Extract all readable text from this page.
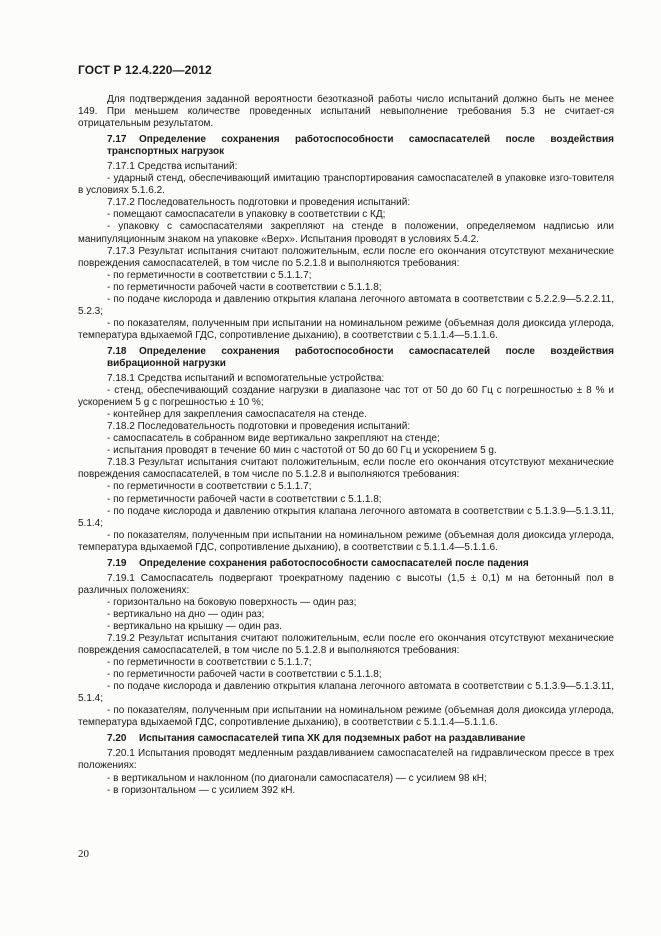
ГОСТ Р 12.4.220—2012

Для подтверждения заданной вероятности безотказной работы число испытаний должно быть не менее 149. При меньшем количестве проведенных испытаний невыполнение требования 5.3 не считает-ся отрицательным результатом.

7.17 Определение сохранения работоспособности самоспасателей после воздействия транспортных нагрузок

7.17.1 Средства испытаний:

- ударный стенд, обеспечивающий имитацию транспортирования самоспасателей в упаковке изго-товителя в условиях 5.1.6.2.

7.17.2 Последовательность подготовки и проведения испытаний:

- помещают самоспасатели в упаковку в соответствии с КД;

- упаковку с самоспасателями закрепляют на стенде в положении, определяемом надписью или манипуляционным знаком на упаковке «Верх». Испытания проводят в условиях 5.4.2.

7.17.3 Результат испытания считают положительным, если после его окончания отсутствуют механические повреждения самоспасателей, в том числе по 5.2.1.8 и выполняются требования:

- по герметичности в соответствии с 5.1.1.7;

- по герметичности рабочей части в соответствии с 5.1.1.8;

- по подаче кислорода и давлению открытия клапана легочного автомата в соответствии с 5.2.2.9—5.2.2.11, 5.2.3;

- по показателям, полученным при испытании на номинальном режиме (объемная доля диоксида углерода, температура вдыхаемой ГДС, сопротивление дыханию), в соответствии с 5.1.1.4—5.1.1.6.

7.18 Определение сохранения работоспособности самоспасателей после воздействия вибрационной нагрузки

7.18.1 Средства испытаний и вспомогательные устройства:

- стенд, обеспечивающий создание нагрузки в диапазоне час тот от 50 до 60 Гц с погрешностью ± 8 % и ускорением 5 g с погрешностью ± 10 %;

- контейнер для закрепления самоспасателя на стенде.

7.18.2 Последовательность подготовки и проведения испытаний:

- самоспасатель в собранном виде вертикально закрепляют на стенде;

- испытания проводят в течение 60 мин с частотой от 50 до 60 Гц и ускорением 5 g.

7.18.3 Результат испытания считают положительным, если после его окончания отсутствуют механические повреждения самоспасателей, в том числе по 5.1.2.8 и выполняются требования:

- по герметичности в соответствии с 5.1.1.7;

- по герметичности рабочей части в соответствии с 5.1.1.8;

- по подаче кислорода и давлению открытия клапана легочного автомата в соответствии с 5.1.3.9—5.1.3.11, 5.1.4;

- по показателям, полученным при испытании на номинальном режиме (объемная доля диоксида углерода, температура вдыхаемой ГДС, сопротивление дыханию), в соответствии с 5.1.1.4—5.1.1.6.

7.19 Определение сохранения работоспособности самоспасателей после падения

7.19.1 Самоспасатель подвергают троекратному падению с высоты (1,5 ± 0,1) м на бетонный пол в различных положениях:

- горизонтально на боковую поверхность — один раз;

- вертикально на дно — один раз;

- вертикально на крышку — один раз.

7.19.2 Результат испытания считают положительным, если после его окончания отсутствуют механические повреждения самоспасателей, в том числе по 5.1.2.8 и выполняются требования:

- по герметичности в соответствии с 5.1.1.7;

- по герметичности рабочей части в соответствии с 5.1.1.8;

- по подаче кислорода и давлению открытия клапана легочного автомата в соответствии с 5.1.3.9—5.1.3.11, 5.1.4;

- по показателям, полученным при испытании на номинальном режиме (объемная доля диоксида углерода, температура вдыхаемой ГДС, сопротивление дыханию), в соответствии с 5.1.1.4—5.1.1.6.

7.20 Испытания самоспасателей типа ХК для подземных работ на раздавливание

7.20.1 Испытания проводят медленным раздавливанием самоспасателей на гидравлическом прессе в трех положениях:

- в вертикальном и наклонном (по диагонали самоспасателя) — с усилием 98 кН;

- в горизонтальном — с усилием 392 кН.

20
